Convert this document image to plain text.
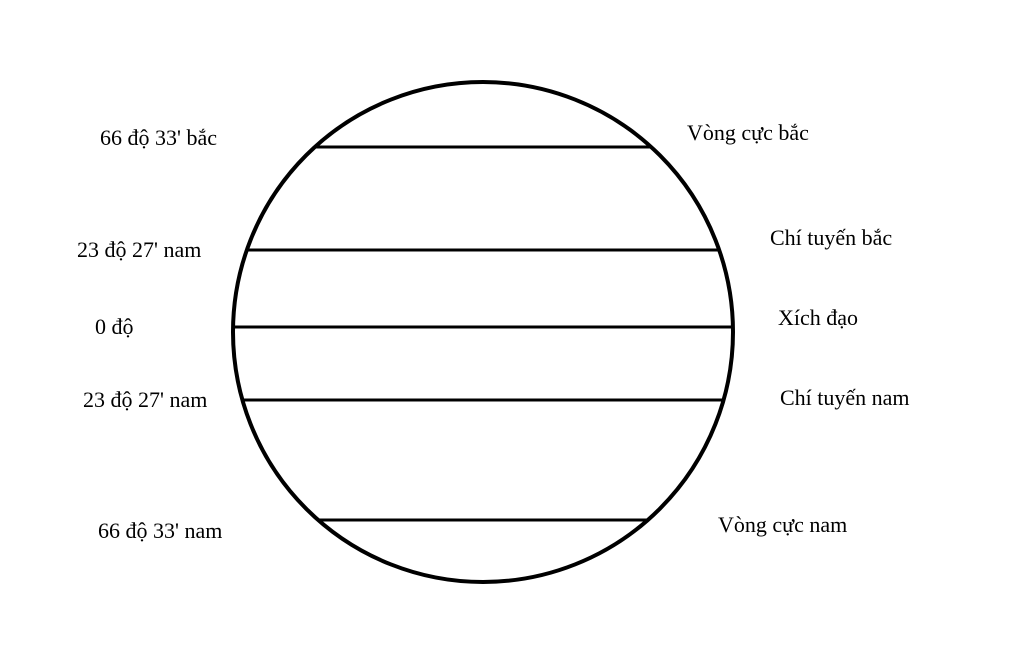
66 độ 33' bắc
23 độ 27' nam
0 độ
23 độ 27' nam
66 độ 33' nam
Vòng cực bắc
Chí tuyến bắc
Xích đạo
Chí tuyến nam
Vòng cực nam
